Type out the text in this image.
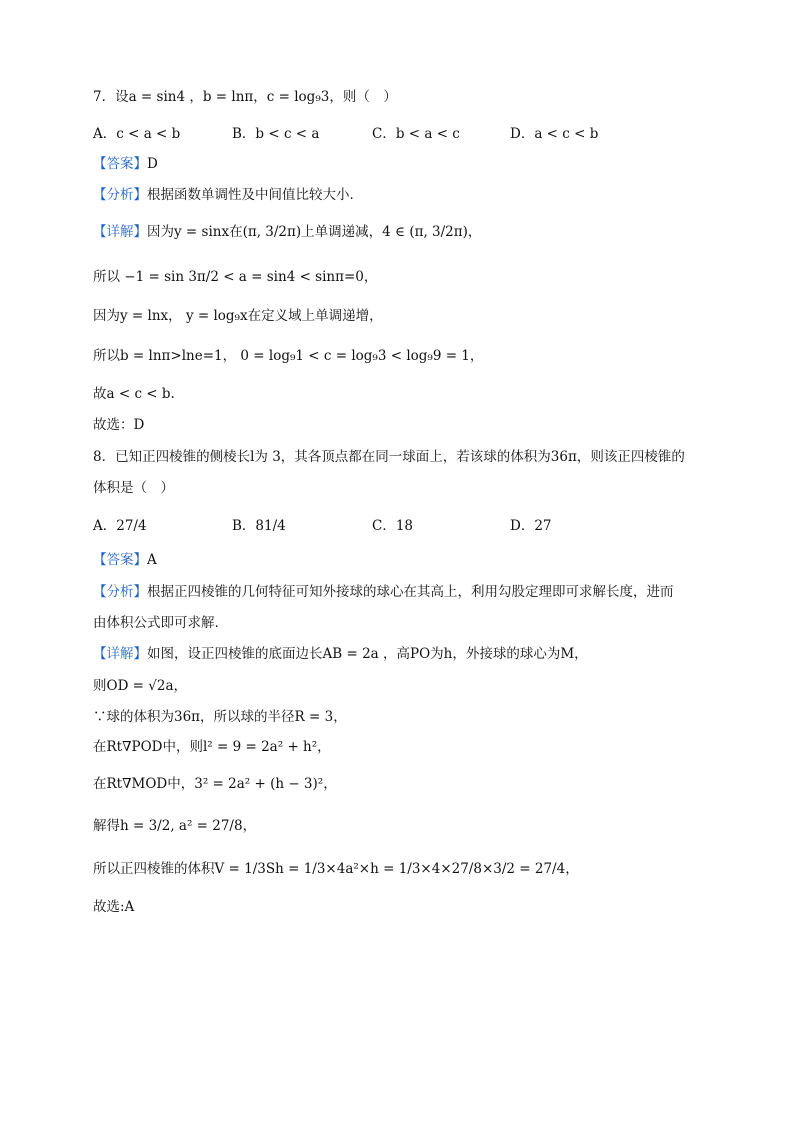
7．设a = sin4 ，b = lnπ，c = log₉3，则（　）
A．c < a < b	B．b < c < a	C．b < a < c	D．a < c < b
【答案】D
【分析】根据函数单调性及中间值比较大小.
【详解】因为y = sinx在(π, 3/2π)上单调递减，4 ∈ (π, 3/2π)，
所以 −1 = sin 3π/2 < a = sin4 < sinπ=0，
因为y = lnx， y = log₉x在定义域上单调递增，
所以b = lnπ>lne=1， 0 = log₉1 < c = log₉3 < log₉9 = 1，
故a < c < b.
故选：D
8．已知正四棱锥的侧棱长l为 3，其各顶点都在同一球面上，若该球的体积为36π，则该正四棱锥的
体积是（　）
A．27/4	B．81/4	C．18	D．27
【答案】A
【分析】根据正四棱锥的几何特征可知外接球的球心在其高上，利用勾股定理即可求解长度，进而
由体积公式即可求解.
【详解】如图，设正四棱锥的底面边长AB = 2a ，高PO为h，外接球的球心为M，
则OD = √2a，
∵球的体积为36π，所以球的半径R = 3，
在Rt∇POD中，则l² = 9 = 2a² + h²，
在Rt∇MOD中，3² = 2a² + (h − 3)²，
解得h = 3/2, a² = 27/8，
所以正四棱锥的体积V = 1/3Sh = 1/3×4a²×h = 1/3×4×27/8×3/2 = 27/4，
故选:A
